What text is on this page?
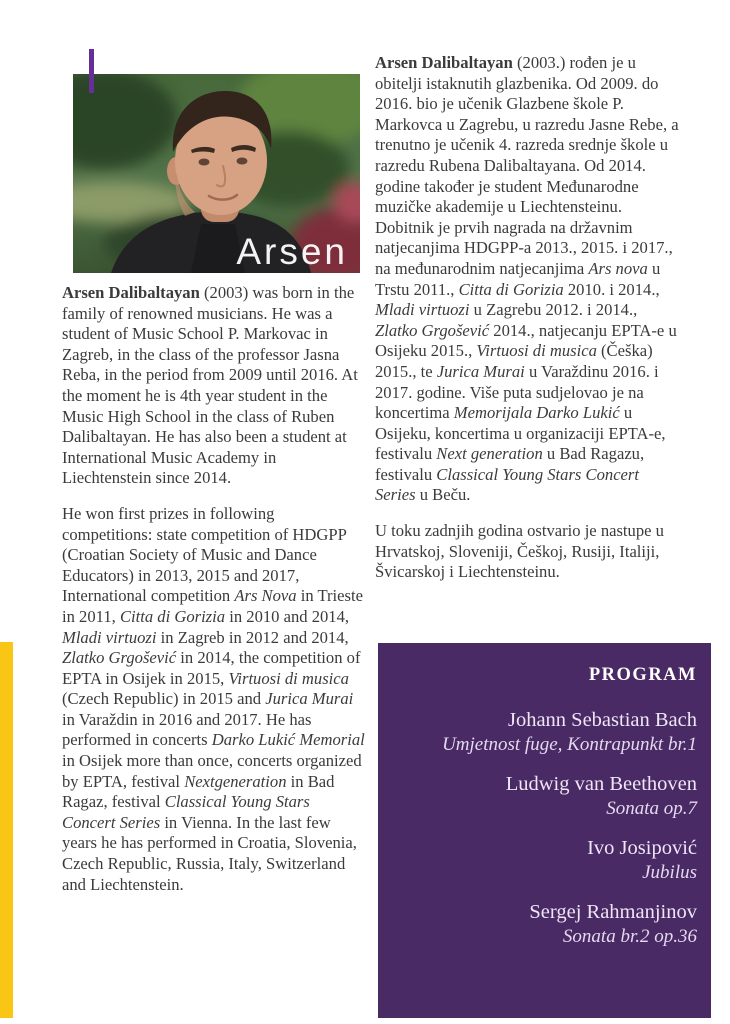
Arsen

Arsen Dalibaltayan (2003) was born in the family of renowned musicians. He was a student of Music School P. Markovac in Zagreb, in the class of the professor Jasna Reba, in the period from 2009 until 2016. At the moment he is 4th year student in the Music High School in the class of Ruben Dalibaltayan. He has also been a student at International Music Academy in Liechtenstein since 2014.

He won first prizes in following competitions: state competition of HDGPP (Croatian Society of Music and Dance Educators) in 2013, 2015 and 2017, International competition Ars Nova in Trieste in 2011, Citta di Gorizia in 2010 and 2014, Mladi virtuozi in Zagreb in 2012 and 2014, Zlatko Grgošević in 2014, the competition of EPTA in Osijek in 2015, Virtuosi di musica (Czech Republic) in 2015 and Jurica Murai in Varaždin in 2016 and 2017. He has performed in concerts Darko Lukić Memorial in Osijek more than once, concerts organized by EPTA, festival Nextgeneration in Bad Ragaz, festival Classical Young Stars Concert Series in Vienna. In the last few years he has performed in Croatia, Slovenia, Czech Republic, Russia, Italy, Switzerland and Liechtenstein.

Arsen Dalibaltayan (2003.) rođen je u obitelji istaknutih glazbenika. Od 2009. do 2016. bio je učenik Glazbene škole P. Markovca u Zagrebu, u razredu Jasne Rebe, a trenutno je učenik 4. razreda srednje škole u razredu Rubena Dalibaltayana. Od 2014. godine također je student Međunarodne muzičke akademije u Liechtensteinu. Dobitnik je prvih nagrada na državnim natjecanjima HDGPP-a 2013., 2015. i 2017., na međunarodnim natjecanjima Ars nova u Trstu 2011., Citta di Gorizia 2010. i 2014., Mladi virtuozi u Zagrebu 2012. i 2014., Zlatko Grgošević 2014., natjecanju EPTA-e u Osijeku 2015., Virtuosi di musica (Češka) 2015., te Jurica Murai u Varaždinu 2016. i 2017. godine. Više puta sudjelovao je na koncertima Memorijala Darko Lukić u Osijeku, koncertima u organizaciji EPTA-e, festivalu Next generation u Bad Ragazu, festivalu Classical Young Stars Concert Series u Beču.

U toku zadnjih godina ostvario je nastupe u Hrvatskoj, Sloveniji, Češkoj, Rusiji, Italiji, Švicarskoj i Liechtensteinu.

PROGRAM
Johann Sebastian Bach
Umjetnost fuge, Kontrapunkt br.1
Ludwig van Beethoven
Sonata op.7
Ivo Josipović
Jubilus
Sergej Rahmanjinov
Sonata br.2 op.36
